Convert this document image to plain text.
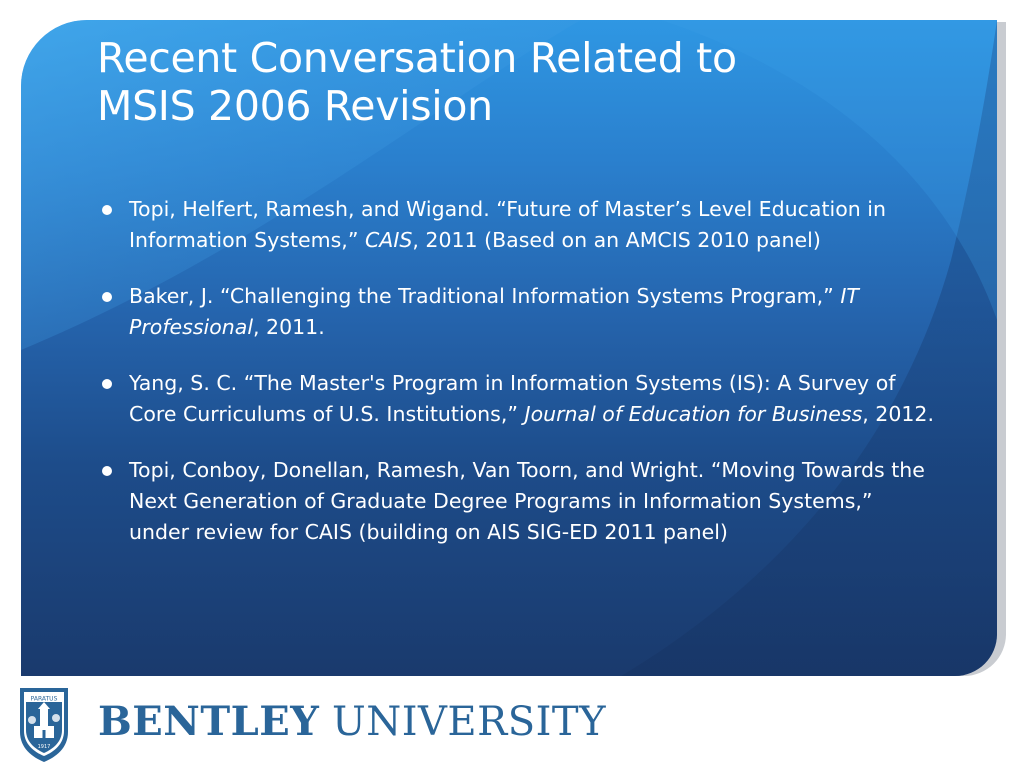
Recent Conversation Related to
MSIS 2006 Revision
Topi, Helfert, Ramesh, and Wigand. “Future of Master’s Level Education in Information Systems,” CAIS, 2011 (Based on an AMCIS 2010 panel)
Baker, J. “Challenging the Traditional Information Systems Program,” IT Professional, 2011.
Yang, S. C. “The Master's Program in Information Systems (IS): A Survey of Core Curriculums of U.S. Institutions,” Journal of Education for Business, 2012.
Topi, Conboy, Donellan, Ramesh, Van Toorn, and Wright. “Moving Towards the Next Generation of Graduate Degree Programs in Information Systems,” under review for CAIS (building on AIS SIG-ED 2011 panel)
PARATUS
1917
BENTLEY UNIVERSITY
